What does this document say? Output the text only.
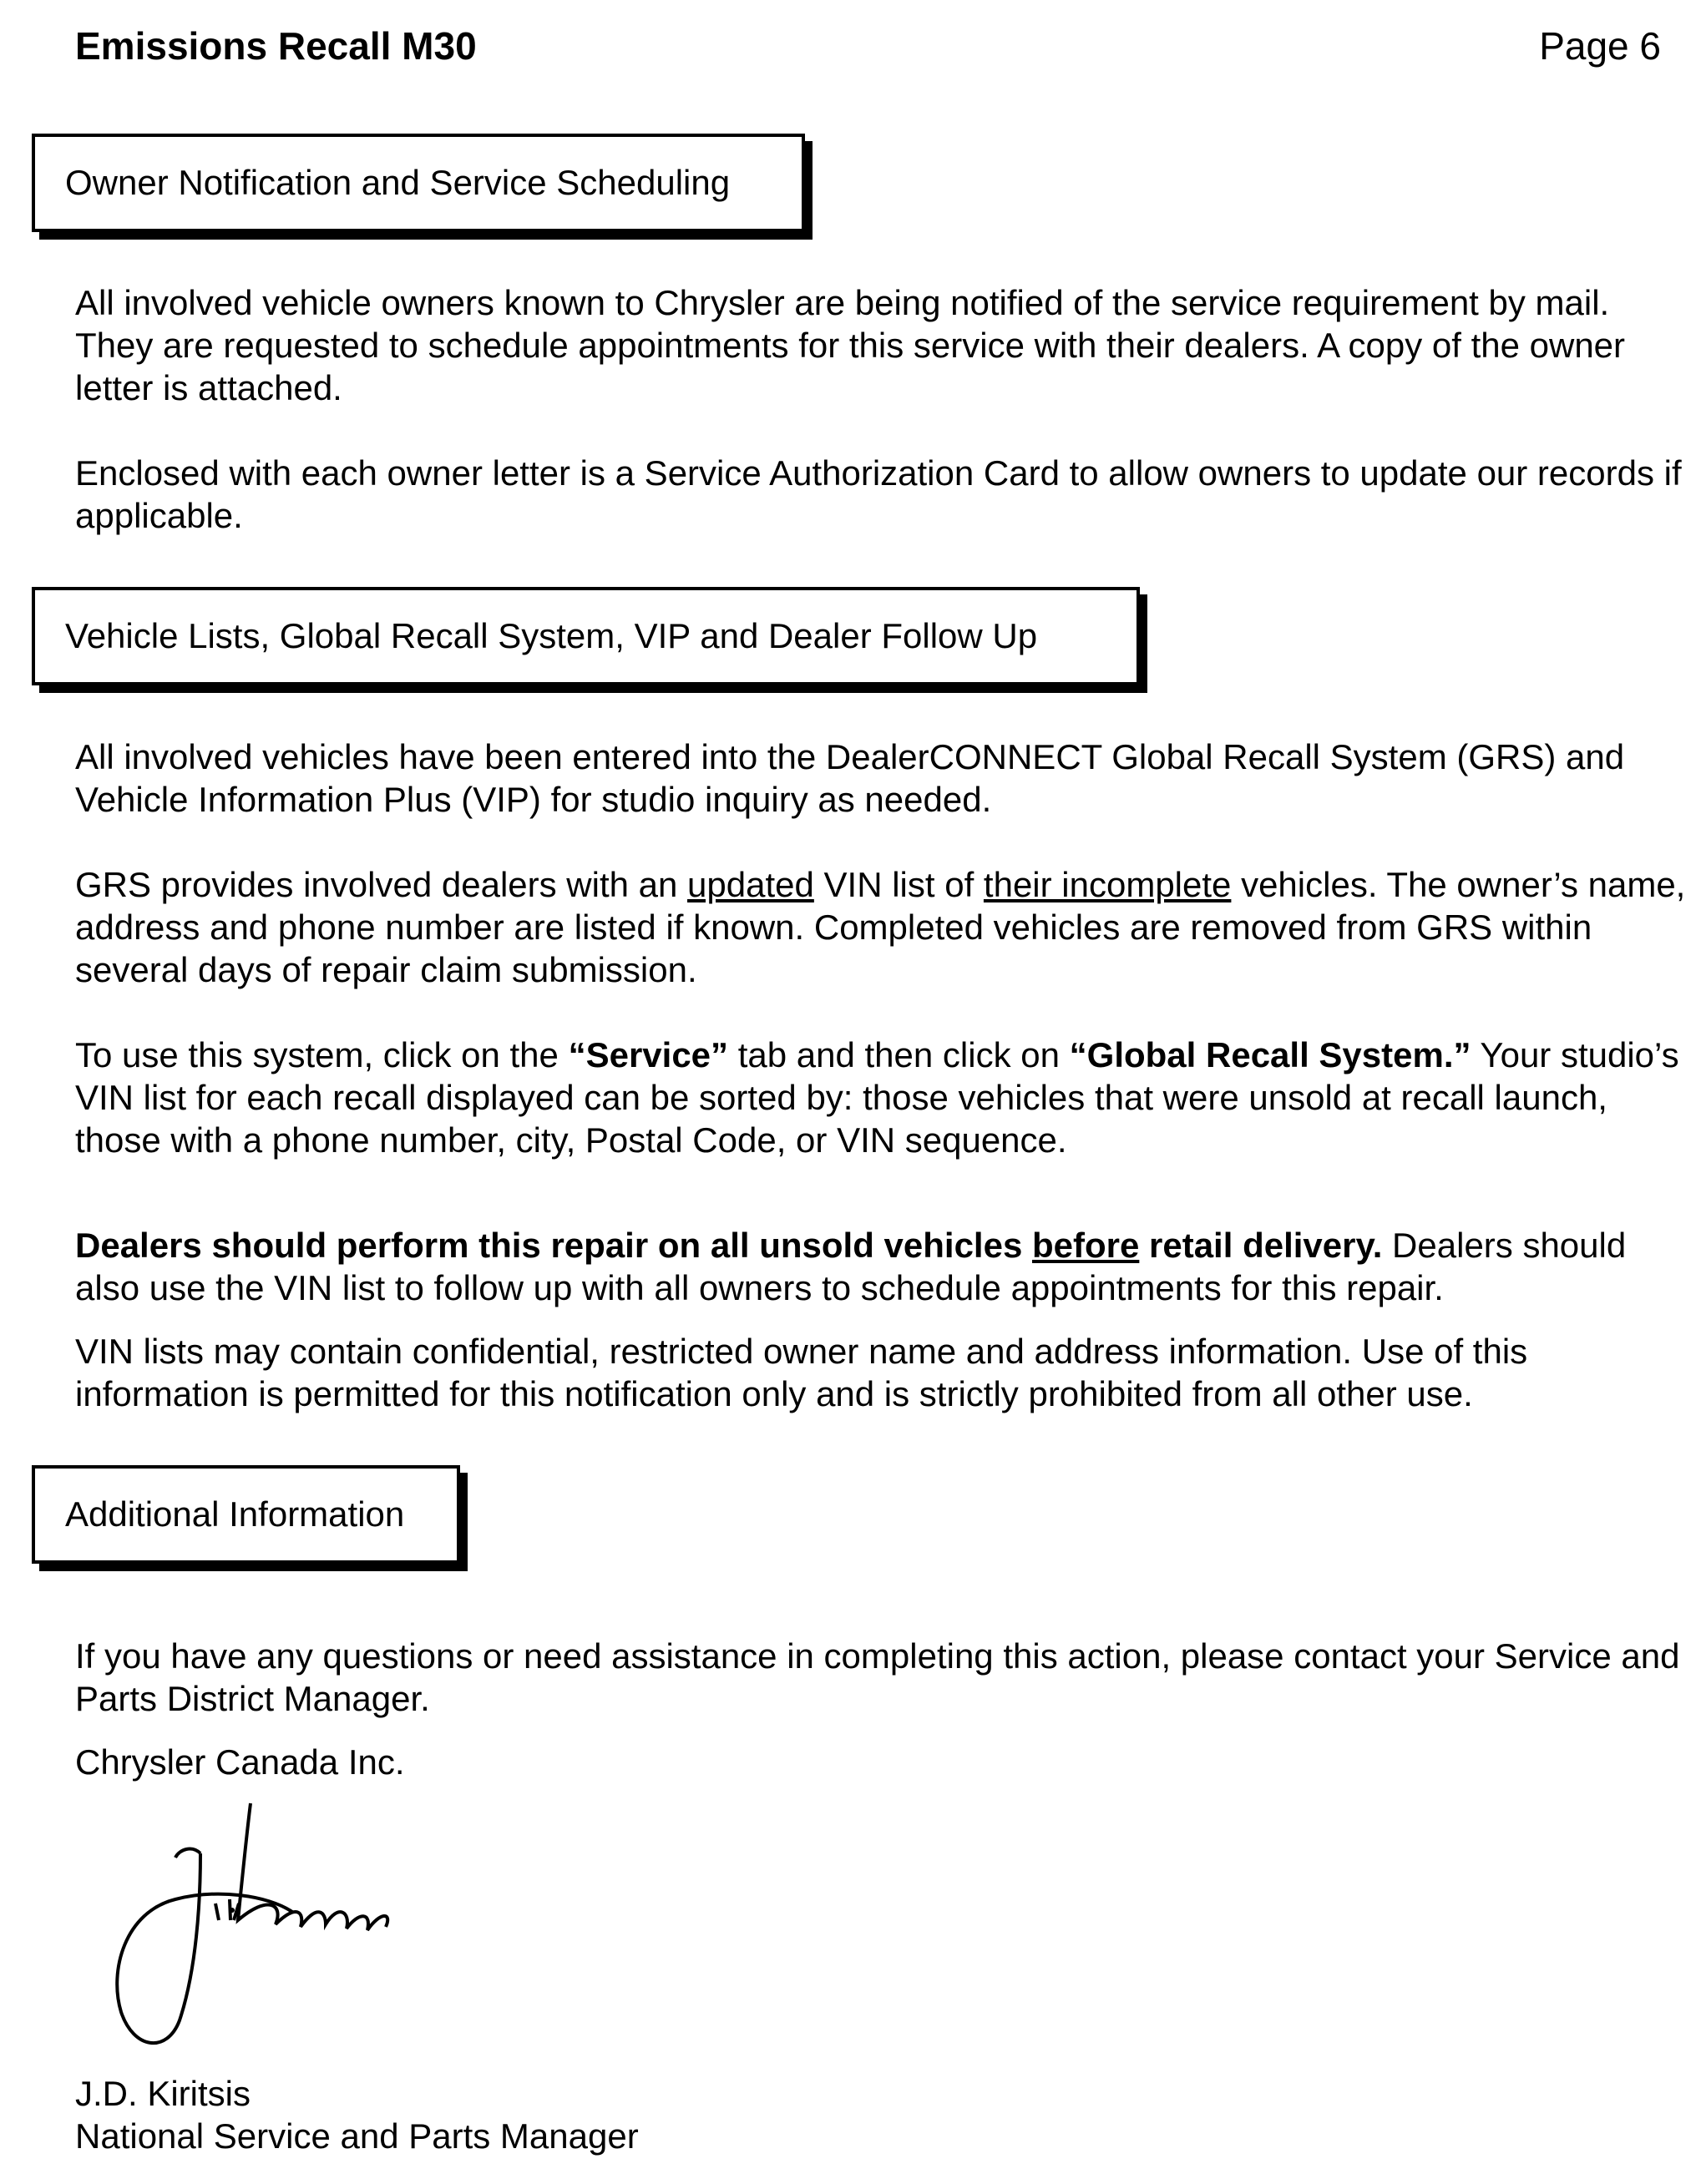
Emissions Recall M30	Page 6
Owner Notification and Service Scheduling

All involved vehicle owners known to Chrysler are being notified of the service requirement by mail. They are requested to schedule appointments for this service with their dealers. A copy of the owner letter is attached.

Enclosed with each owner letter is a Service Authorization Card to allow owners to update our records if applicable.

Vehicle Lists, Global Recall System, VIP and Dealer Follow Up

All involved vehicles have been entered into the DealerCONNECT Global Recall System (GRS) and Vehicle Information Plus (VIP) for studio inquiry as needed.

GRS provides involved dealers with an updated VIN list of their incomplete vehicles. The owner’s name, address and phone number are listed if known. Completed vehicles are removed from GRS within several days of repair claim submission.

To use this system, click on the “Service” tab and then click on “Global Recall System.” Your studio’s VIN list for each recall displayed can be sorted by: those vehicles that were unsold at recall launch, those with a phone number, city, Postal Code, or VIN sequence.

Dealers should perform this repair on all unsold vehicles before retail delivery. Dealers should also use the VIN list to follow up with all owners to schedule appointments for this repair.

VIN lists may contain confidential, restricted owner name and address information. Use of this information is permitted for this notification only and is strictly prohibited from all other use.

Additional Information

If you have any questions or need assistance in completing this action, please contact your Service and Parts District Manager.

Chrysler Canada Inc.

J.D. Kiritsis

National Service and Parts Manager
